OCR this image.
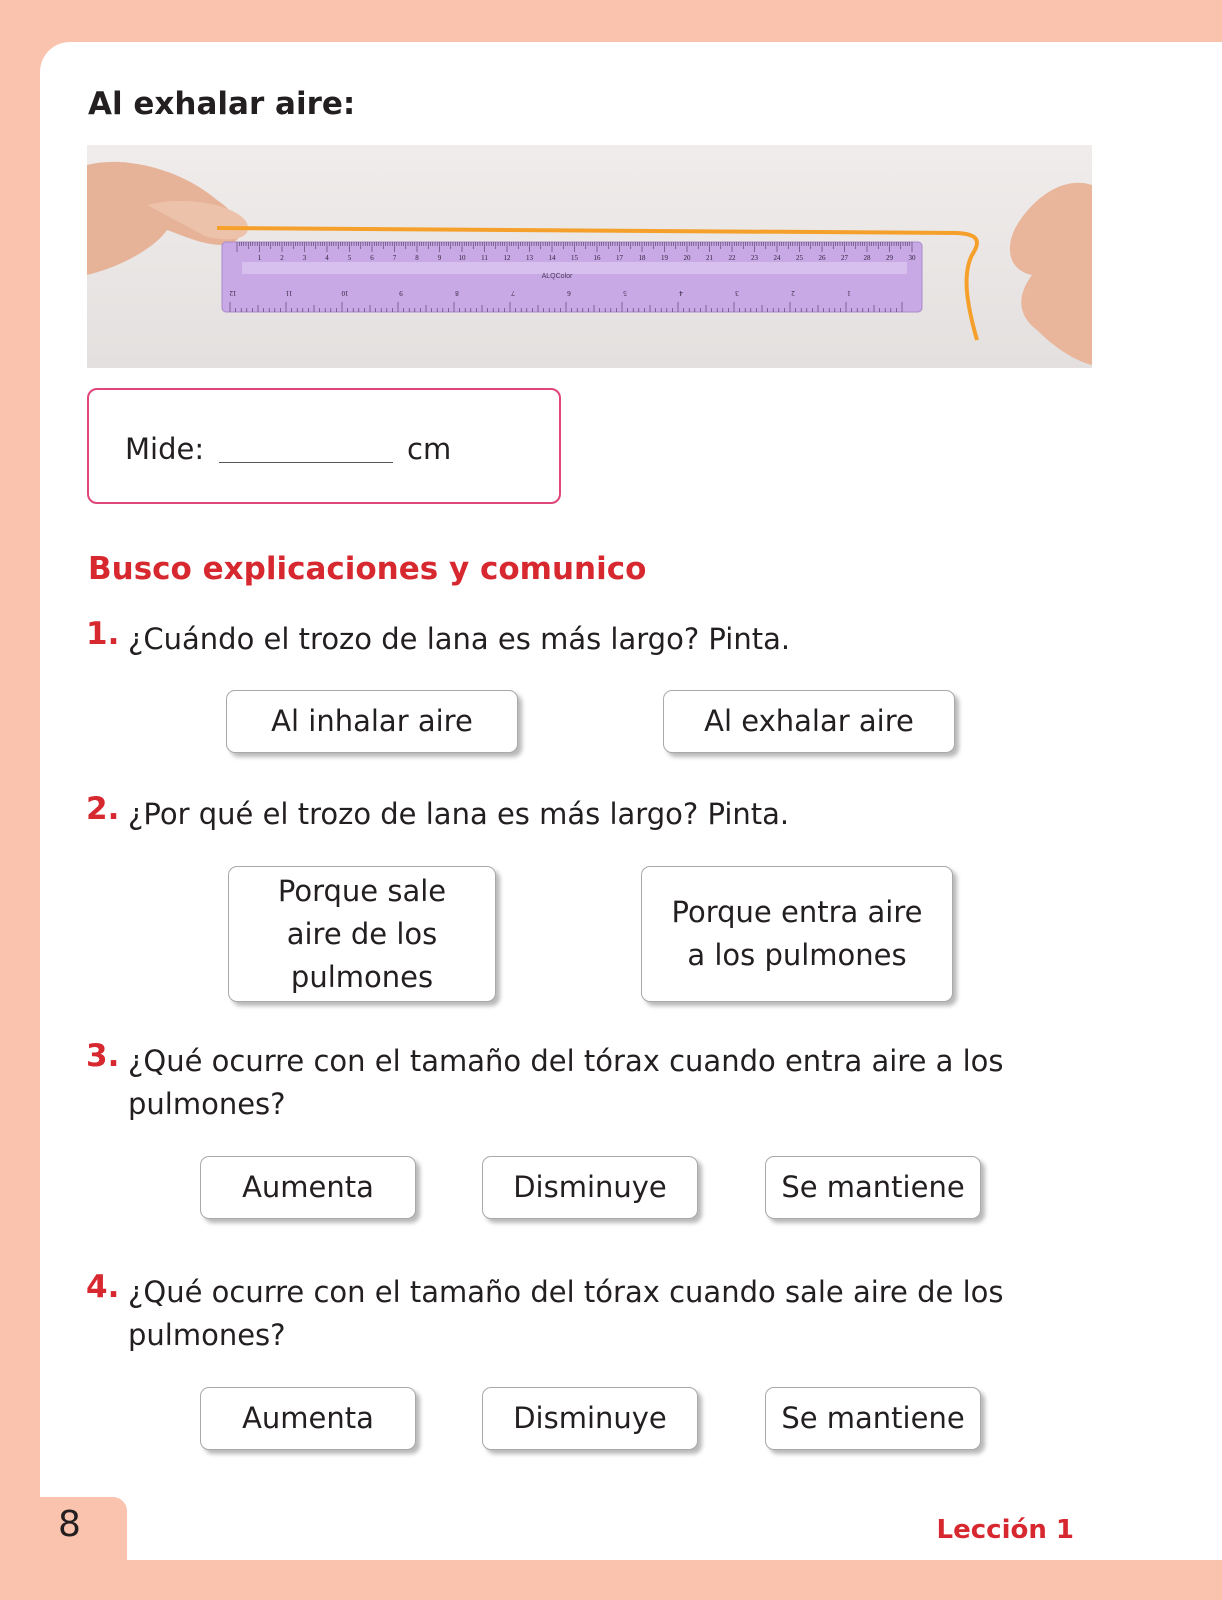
8	Lección 1
Al exhalar aire:
1	2	3	4	5	6	7	8	9 10 11 12 13 14 15 16 17 18 19 20 21 22 23 24 25 26 27 28 29 30
12	11	10	9	8	7	6	5	4	3	2	1
ALQColor
Mide:	cm
Busco explicaciones y comunico
1. ¿Cuándo el trozo de lana es más largo? Pinta.
Al inhalar aire	Al exhalar aire
2. ¿Por qué el trozo de lana es más largo? Pinta.
Porque sale aire de los pulmones
Porque entra aire a los pulmones
3. ¿Qué ocurre con el tamaño del tórax cuando entra aire a los pulmones?
Aumenta	Disminuye	Se mantiene
4. ¿Qué ocurre con el tamaño del tórax cuando sale aire de los pulmones?
Aumenta	Disminuye	Se mantiene
